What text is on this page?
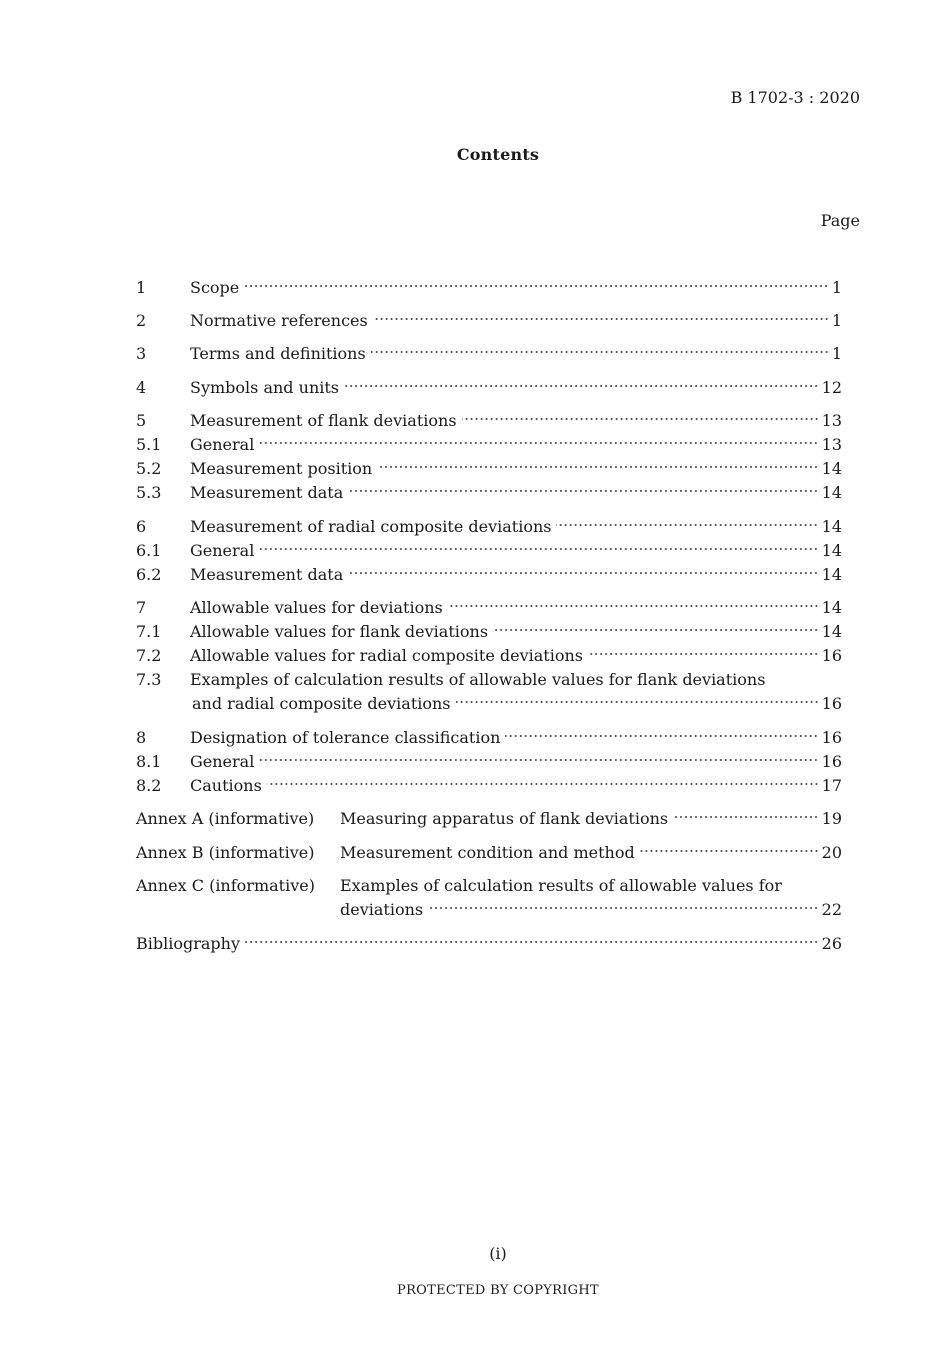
B 1702-3 : 2020
Contents
Page
1	Scope	1
2	Normative references	1
3	Terms and definitions	1
4	Symbols and units	12
5	Measurement of flank deviations	13
5.1 General	13
5.2 Measurement position	14
5.3 Measurement data	14
6	Measurement of radial composite deviations	14
6.1 General	14
6.2 Measurement data	14
7	Allowable values for deviations	14
7.1 Allowable values for flank deviations	14
7.2 Allowable values for radial composite deviations	16
7.3 Examples of calculation results of allowable values for flank deviations
and radial composite deviations	16
8	Designation of tolerance classification	16
8.1 General	16
8.2 Cautions	17
Annex A (informative) Measuring apparatus of flank deviations	19
Annex B (informative) Measurement condition and method	20
Annex C (informative) Examples of calculation results of allowable values for
deviations	22
Bibliography	26
(i)
PROTECTED BY COPYRIGHT
